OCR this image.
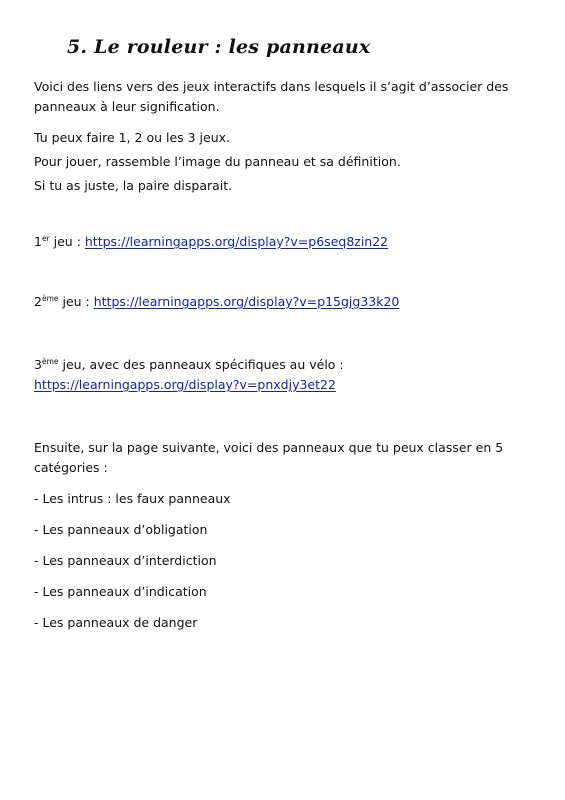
5. Le rouleur : les panneaux

Voici des liens vers des jeux interactifs dans lesquels il s’agit d’associer des

panneaux à leur signification.

Tu peux faire 1, 2 ou les 3 jeux.

Pour jouer, rassemble l’image du panneau et sa définition.

Si tu as juste, la paire disparait.

1er jeu : https://learningapps.org/display?v=p6seq8zin22

2ème jeu : https://learningapps.org/display?v=p15gjg33k20

3ème jeu, avec des panneaux spécifiques au vélo :

https://learningapps.org/display?v=pnxdjy3et22

Ensuite, sur la page suivante, voici des panneaux que tu peux classer en 5

catégories :

- Les intrus : les faux panneaux

- Les panneaux d’obligation

- Les panneaux d’interdiction

- Les panneaux d’indication

- Les panneaux de danger
